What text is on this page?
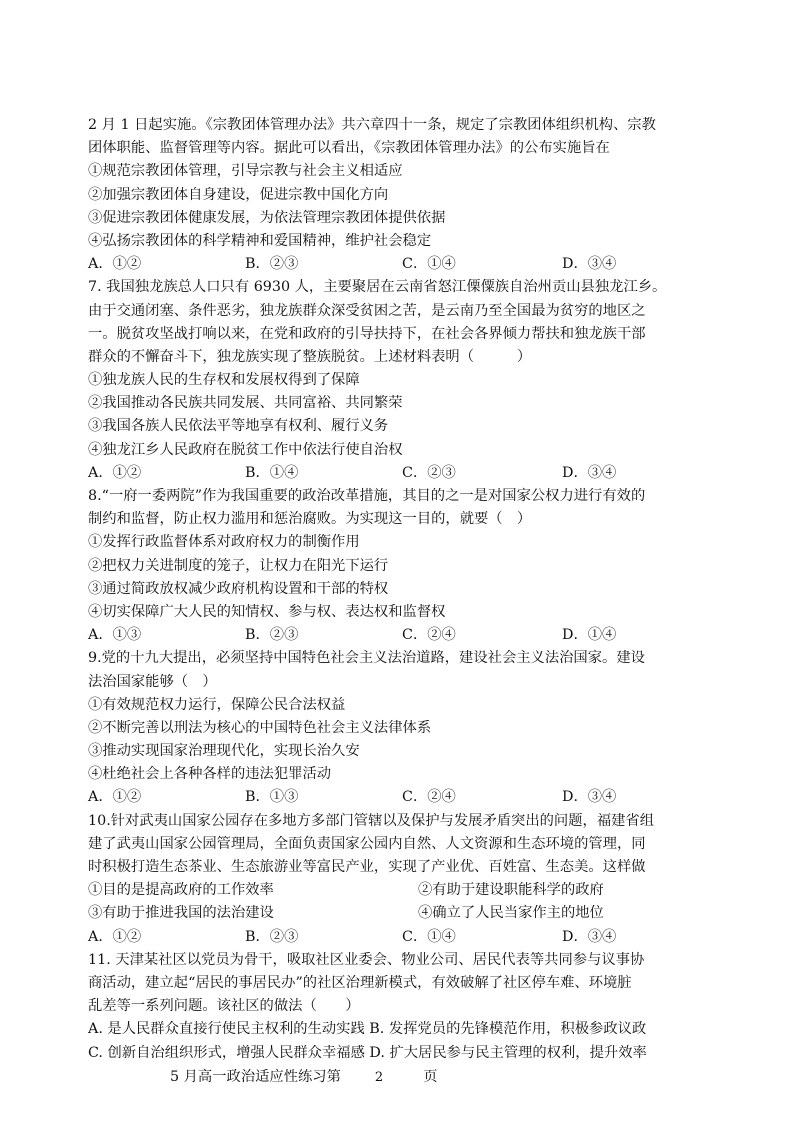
2 月 1 日起实施。《宗教团体管理办法》共六章四十一条，规定了宗教团体组织机构、宗教
团体职能、监督管理等内容。据此可以看出，《宗教团体管理办法》的公布实施旨在
①规范宗教团体管理，引导宗教与社会主义相适应
②加强宗教团体自身建设，促进宗教中国化方向
③促进宗教团体健康发展，为依法管理宗教团体提供依据
④弘扬宗教团体的科学精神和爱国精神，维护社会稳定
A．①②	B．②③	C．①④	D．③④
7. 我国独龙族总人口只有 6930 人，主要聚居在云南省怒江傈僳族自治州贡山县独龙江乡。
由于交通闭塞、条件恶劣，独龙族群众深受贫困之苦，是云南乃至全国最为贫穷的地区之
一。脱贫攻坚战打响以来，在党和政府的引导扶持下，在社会各界倾力帮扶和独龙族干部
群众的不懈奋斗下，独龙族实现了整族脱贫。上述材料表明（　　　）
①独龙族人民的生存权和发展权得到了保障
②我国推动各民族共同发展、共同富裕、共同繁荣
③我国各族人民依法平等地享有权利、履行义务
④独龙江乡人民政府在脱贫工作中依法行使自治权
A．①②	B．①④	C．②③	D．③④
8.“一府一委两院”作为我国重要的政治改革措施，其目的之一是对国家公权力进行有效的
制约和监督，防止权力滥用和惩治腐败。为实现这一目的，就要（　）
①发挥行政监督体系对政府权力的制衡作用
②把权力关进制度的笼子，让权力在阳光下运行
③通过简政放权减少政府机构设置和干部的特权
④切实保障广大人民的知情权、参与权、表达权和监督权
A．①③	B．②③	C．②④	D．①④
9.党的十九大提出，必须坚持中国特色社会主义法治道路，建设社会主义法治国家。建设
法治国家能够（　）
①有效规范权力运行，保障公民合法权益
②不断完善以刑法为核心的中国特色社会主义法律体系
③推动实现国家治理现代化，实现长治久安
④杜绝社会上各种各样的违法犯罪活动
A．①②	B．①③	C．②④	D．③④
10.针对武夷山国家公园存在多地方多部门管辖以及保护与发展矛盾突出的问题，福建省组
建了武夷山国家公园管理局，全面负责国家公园内自然、人文资源和生态环境的管理，同
时积极打造生态茶业、生态旅游业等富民产业，实现了产业优、百姓富、生态美。这样做
①目的是提高政府的工作效率	②有助于建设职能科学的政府
③有助于推进我国的法治建设	④确立了人民当家作主的地位
A．①②	B．②③	C．①④	D．③④
11. 天津某社区以党员为骨干，吸取社区业委会、物业公司、居民代表等共同参与议事协
商活动，建立起“居民的事居民办”的社区治理新模式，有效破解了社区停车难、环境脏
乱差等一系列问题。该社区的做法（　　）
A. 是人民群众直接行使民主权利的生动实践 B. 发挥党员的先锋模范作用，积极参政议政
C. 创新自治组织形式，增强人民群众幸福感 D. 扩大居民参与民主管理的权利，提升效率
5 月高一政治适应性练习第	2	页
